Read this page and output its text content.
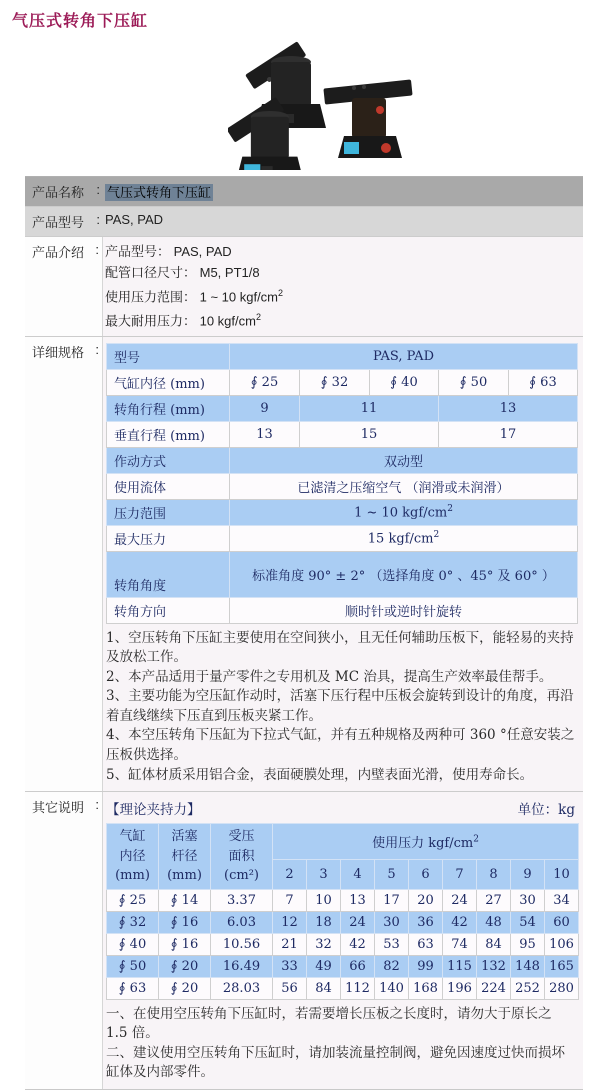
气压式转角下压缸
产品名称 : 气压式转角下压缸
产品型号 : PAS, PAD
产品介绍 : 产品型号： PAS, PAD
配管口径尺寸： M5, PT1/8
使用压力范围： 1 ~ 10 kgf/$cm^2$
最大耐用压力： 10 kgf/$cm^2$
详细规格 :
型号	PAS, PAD				
气缸内径 (mm)	∮ 25	∮ 32	∮ 40	∮ 50	∮ 63
转角行程 (mm)	9	11		13	
垂直行程 (mm)	13	15		17	
作动方式	双动型				
使用流体	已滤清之压缩空气 （润滑或未润滑）				
压力范围	1 ~ 10 kgf/$cm^2$
最大压力	15 kgf/$cm^2$
转角角度	标准角度 90° ± 2° （选择角度 0° 、45° 及 60° ）				
转角方向	顺时针或逆时针旋转				
1、空压转角下压缸主要使用在空间狭小，且无任何辅助压板下，能轻易的夹持及放松工作。
2、本产品适用于量产零件之专用机及 MC 治具，提高生产效率最佳帮手。
3、主要功能为空压缸作动时，活塞下压行程中压板会旋转到设计的角度，再沿着直线继续下压直到压板夹紧工作。
4、本空压转角下压缸为下拉式气缸，并有五种规格及两种可 360 °任意安装之压板供选择。
5、缸体材质采用铝合金，表面硬膜处理，内壁表面光滑，使用寿命长。
其它说明 : 【理论夹持力】	单位：kg
气缸
内径
(mm)	活塞
杆径
(mm)	受压
面积
(cm²)	使用压力 kgf/$cm^2$
			2	3	4	5	6	7	8	9	10
∮ 25	∮ 14	3.37	7	10	13	17	20	24	27	30	34
∮ 32	∮ 16	6.03	12	18	24	30	36	42	48	54	60
∮ 40	∮ 16	10.56	21	32	42	53	63	74	84	95	106
∮ 50	∮ 20	16.49	33	49	66	82	99	115	132	148	165
∮ 63	∮ 20	28.03	56	84	112	140	168	196	224	252	280
一、在使用空压转角下压缸时，若需要增长压板之长度时，请勿大于原长之 1.5 倍。
二、建议使用空压转角下压缸时，请加装流量控制阀，避免因速度过快而损坏缸体及内部零件。
